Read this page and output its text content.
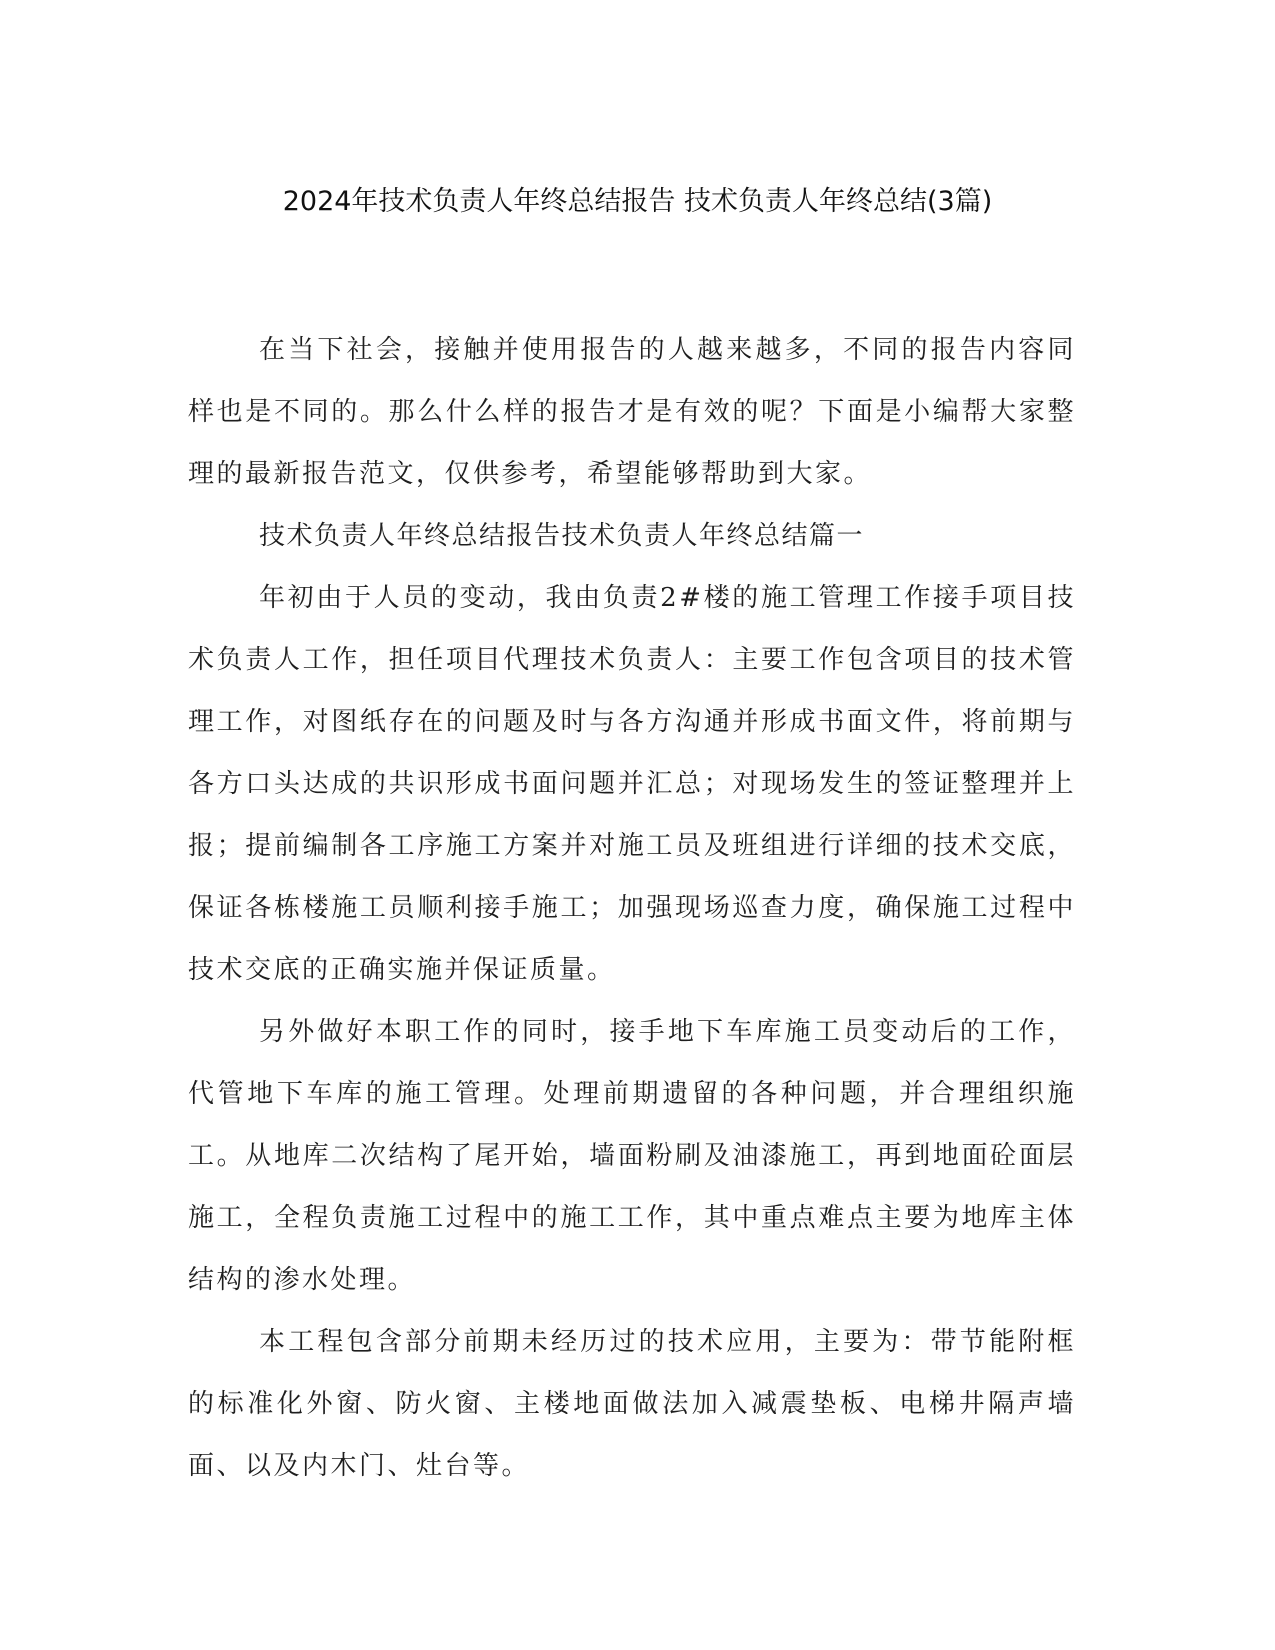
2024年技术负责人年终总结报告 技术负责人年终总结(3篇)

在当下社会，接触并使用报告的人越来越多，不同的报告内容同样也是不同的。那么什么样的报告才是有效的呢？下面是小编帮大家整理的最新报告范文，仅供参考，希望能够帮助到大家。

技术负责人年终总结报告技术负责人年终总结篇一

年初由于人员的变动，我由负责2#楼的施工管理工作接手项目技术负责人工作，担任项目代理技术负责人：主要工作包含项目的技术管理工作，对图纸存在的问题及时与各方沟通并形成书面文件，将前期与各方口头达成的共识形成书面问题并汇总；对现场发生的签证整理并上报；提前编制各工序施工方案并对施工员及班组进行详细的技术交底，保证各栋楼施工员顺利接手施工；加强现场巡查力度，确保施工过程中技术交底的正确实施并保证质量。

另外做好本职工作的同时，接手地下车库施工员变动后的工作，代管地下车库的施工管理。处理前期遗留的各种问题，并合理组织施工。从地库二次结构了尾开始，墙面粉刷及油漆施工，再到地面砼面层施工，全程负责施工过程中的施工工作，其中重点难点主要为地库主体结构的渗水处理。

本工程包含部分前期未经历过的技术应用，主要为：带节能附框的标准化外窗、防火窗、主楼地面做法加入减震垫板、电梯井隔声墙面、以及内木门、灶台等。
